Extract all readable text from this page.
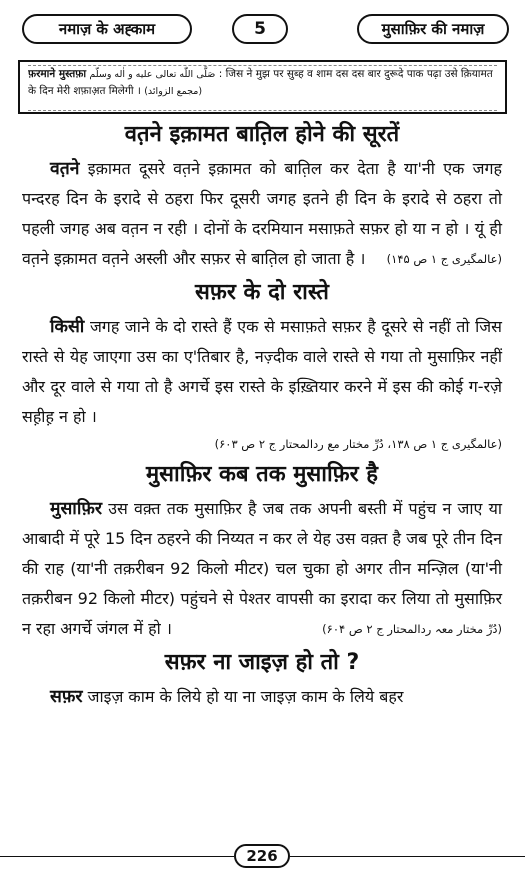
नमाज़ के अह्काम	5	मुसाफ़िर की नमाज़
फ़रमाने मुस्तफ़ा صَلَّى اللّٰه تعالى عليه و اٰله وسلّم : जिस ने मुझ पर सुब्ह व शाम दस दस बार दुरूदे पाक पढ़ा उसे क़ियामत के दिन मेरी शफ़ाअ़त मिलेगी । (مجمع الزوائد)
वत़ने इक़ामत बात़िल होने की सूरतें

वत़ने इक़ामत दूसरे वत़ने इक़ामत को बात़िल कर देता है या'नी एक जगह पन्दरह दिन के इरादे से ठहरा फिर दूसरी जगह इतने ही दिन के इरादे से ठहरा तो पहली जगह अब वत़न न रही । दोनों के दरमियान मसाफ़ते सफ़र हो या न हो । यूं ही वत़ने इक़ामत वत़ने अस्ली और सफ़र से बात़िल हो जाता है । (عالمگیری ج ۱ ص ۱۴۵)

सफ़र के दो रास्ते

किसी जगह जाने के दो रास्ते हैं एक से मसाफ़ते सफ़र है दूसरे से नहीं तो जिस रास्ते से येह जाएगा उस का ए'तिबार है, नज़्दीक वाले रास्ते से गया तो मुसाफ़िर नहीं और दूर वाले से गया तो है अगर्चे इस रास्ते के इख़्तियार करने में इस की कोई ग-रज़े सह़ीह़ न हो ।

(عالمگیری ج ۱ ص ۱۳۸، دُرِّ مختار مع ردالمحتار ج ۲ ص ۶۰۳)
मुसाफ़िर कब तक मुसाफ़िर है

मुसाफ़िर उस वक़्त तक मुसाफ़िर है जब तक अपनी बस्ती में पहुंच न जाए या आबादी में पूरे 15 दिन ठहरने की निय्यत न कर ले येह उस वक़्त है जब पूरे तीन दिन की राह (या'नी तक़रीबन 92 किलो मीटर) चल चुका हो अगर तीन मन्ज़िल (या'नी तक़रीबन 92 किलो मीटर) पहुंचने से पेश्तर वापसी का इरादा कर लिया तो मुसाफ़िर न रहा अगर्चे जंगल में हो ।	(دُرِّ مختار معہ ردالمحتار ج ۲ ص ۶۰۴)

सफ़र ना जाइज़ हो तो ?

सफ़र जाइज़ काम के लिये हो या ना जाइज़ काम के लिये बहर

226
